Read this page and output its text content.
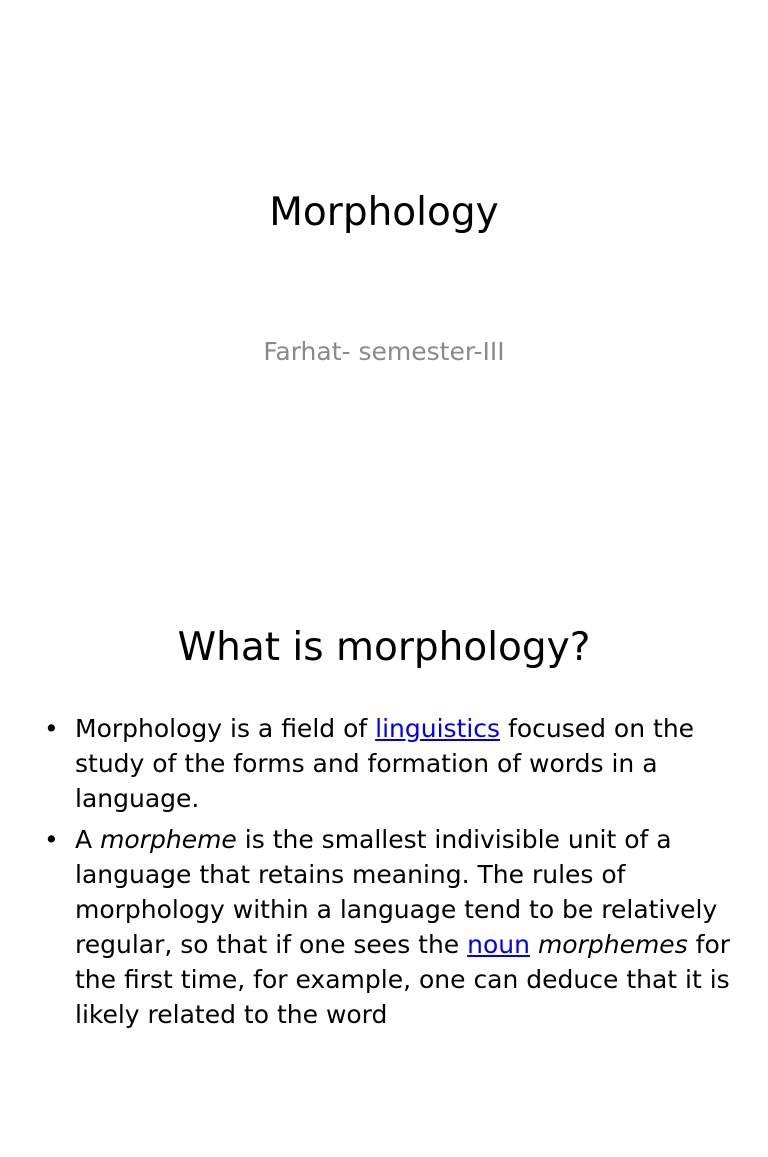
Morphology

Farhat- semester-III

What is morphology?
• Morphology is a field of linguistics focused on the study of the forms and formation of words in a language.
• A morpheme is the smallest indivisible unit of a language that retains meaning. The rules of morphology within a language tend to be relatively regular, so that if one sees the noun morphemes for the first time, for example, one can deduce that it is likely related to the word
